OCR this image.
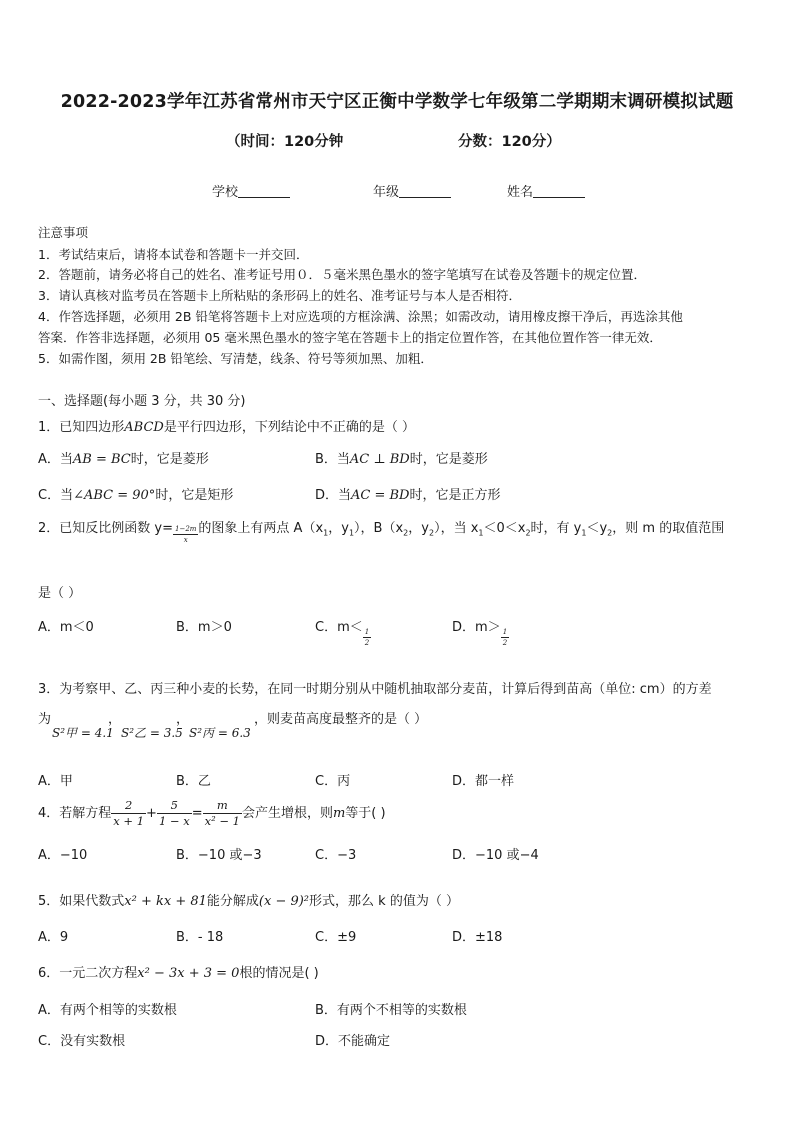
2022-2023学年江苏省常州市天宁区正衡中学数学七年级第二学期期末调研模拟试题
（时间：120分钟	分数：120分）
学校	年级	姓名
注意事项
1．考试结束后，请将本试卷和答题卡一并交回．
2．答题前，请务必将自己的姓名、准考证号用０．５毫米黑色墨水的签字笔填写在试卷及答题卡的规定位置．
3．请认真核对监考员在答题卡上所粘贴的条形码上的姓名、准考证号与本人是否相符．
4．作答选择题，必须用 2B 铅笔将答题卡上对应选项的方框涂满、涂黑；如需改动，请用橡皮擦干净后，再选涂其他
答案．作答非选择题，必须用 05 毫米黑色墨水的签字笔在答题卡上的指定位置作答，在其他位置作答一律无效．
5．如需作图，须用 2B 铅笔绘、写清楚，线条、符号等须加黑、加粗．
一、选择题(每小题 3 分，共 30 分)
1．已知四边形ABCD是平行四边形，下列结论中不正确的是（ ）
A．当AB = BC时，它是菱形	B．当AC ⊥ BD时，它是菱形
C．当∠ABC = 90°时，它是矩形	D．当AC = BD时，它是正方形
2．已知反比例函数 $y= \frac{1-2m}{x}$ 的图象上有两点 $A(x_1$，$y_1$），$B(x_2$，$y_2$），当 $x_1<0<x_2$时，有 $y_1<y_2$，则 m 的取值范围
是（ ）
A．m＜0	B．m＞0	C．m＜
$\frac{1}{2}$
D．m＞
$\frac{1}{2}$
3．为考察甲、乙、丙三种小麦的长势，在同一时期分别从中随机抽取部分麦苗，计算后得到苗高（单位: cm）的方差
为
S²甲 = 4.1
，
S²乙 = 3.5
，
S²丙 = 6.3
，则麦苗高度最整齐的是（ ）
A．甲	B．乙	C．丙	D．都一样
4．若解方程 $\frac{2}{x + 1} + \frac{5}{1 - x} = \frac{m}{\text{x² − 1}}$ 会产生增根，则m等于( )
A．−10	B．−10 或−3	C．−3	D．−10 或−4
5．如果代数式x² + kx + 81能分解成(x − 9)²形式，那么 k 的值为（ ）
A．9	B．- 18	C．±9	D．±18
6．一元二次方程x² − 3x + 3 = 0根的情况是( )
A．有两个相等的实数根	B．有两个不相等的实数根
C．没有实数根	D．不能确定
